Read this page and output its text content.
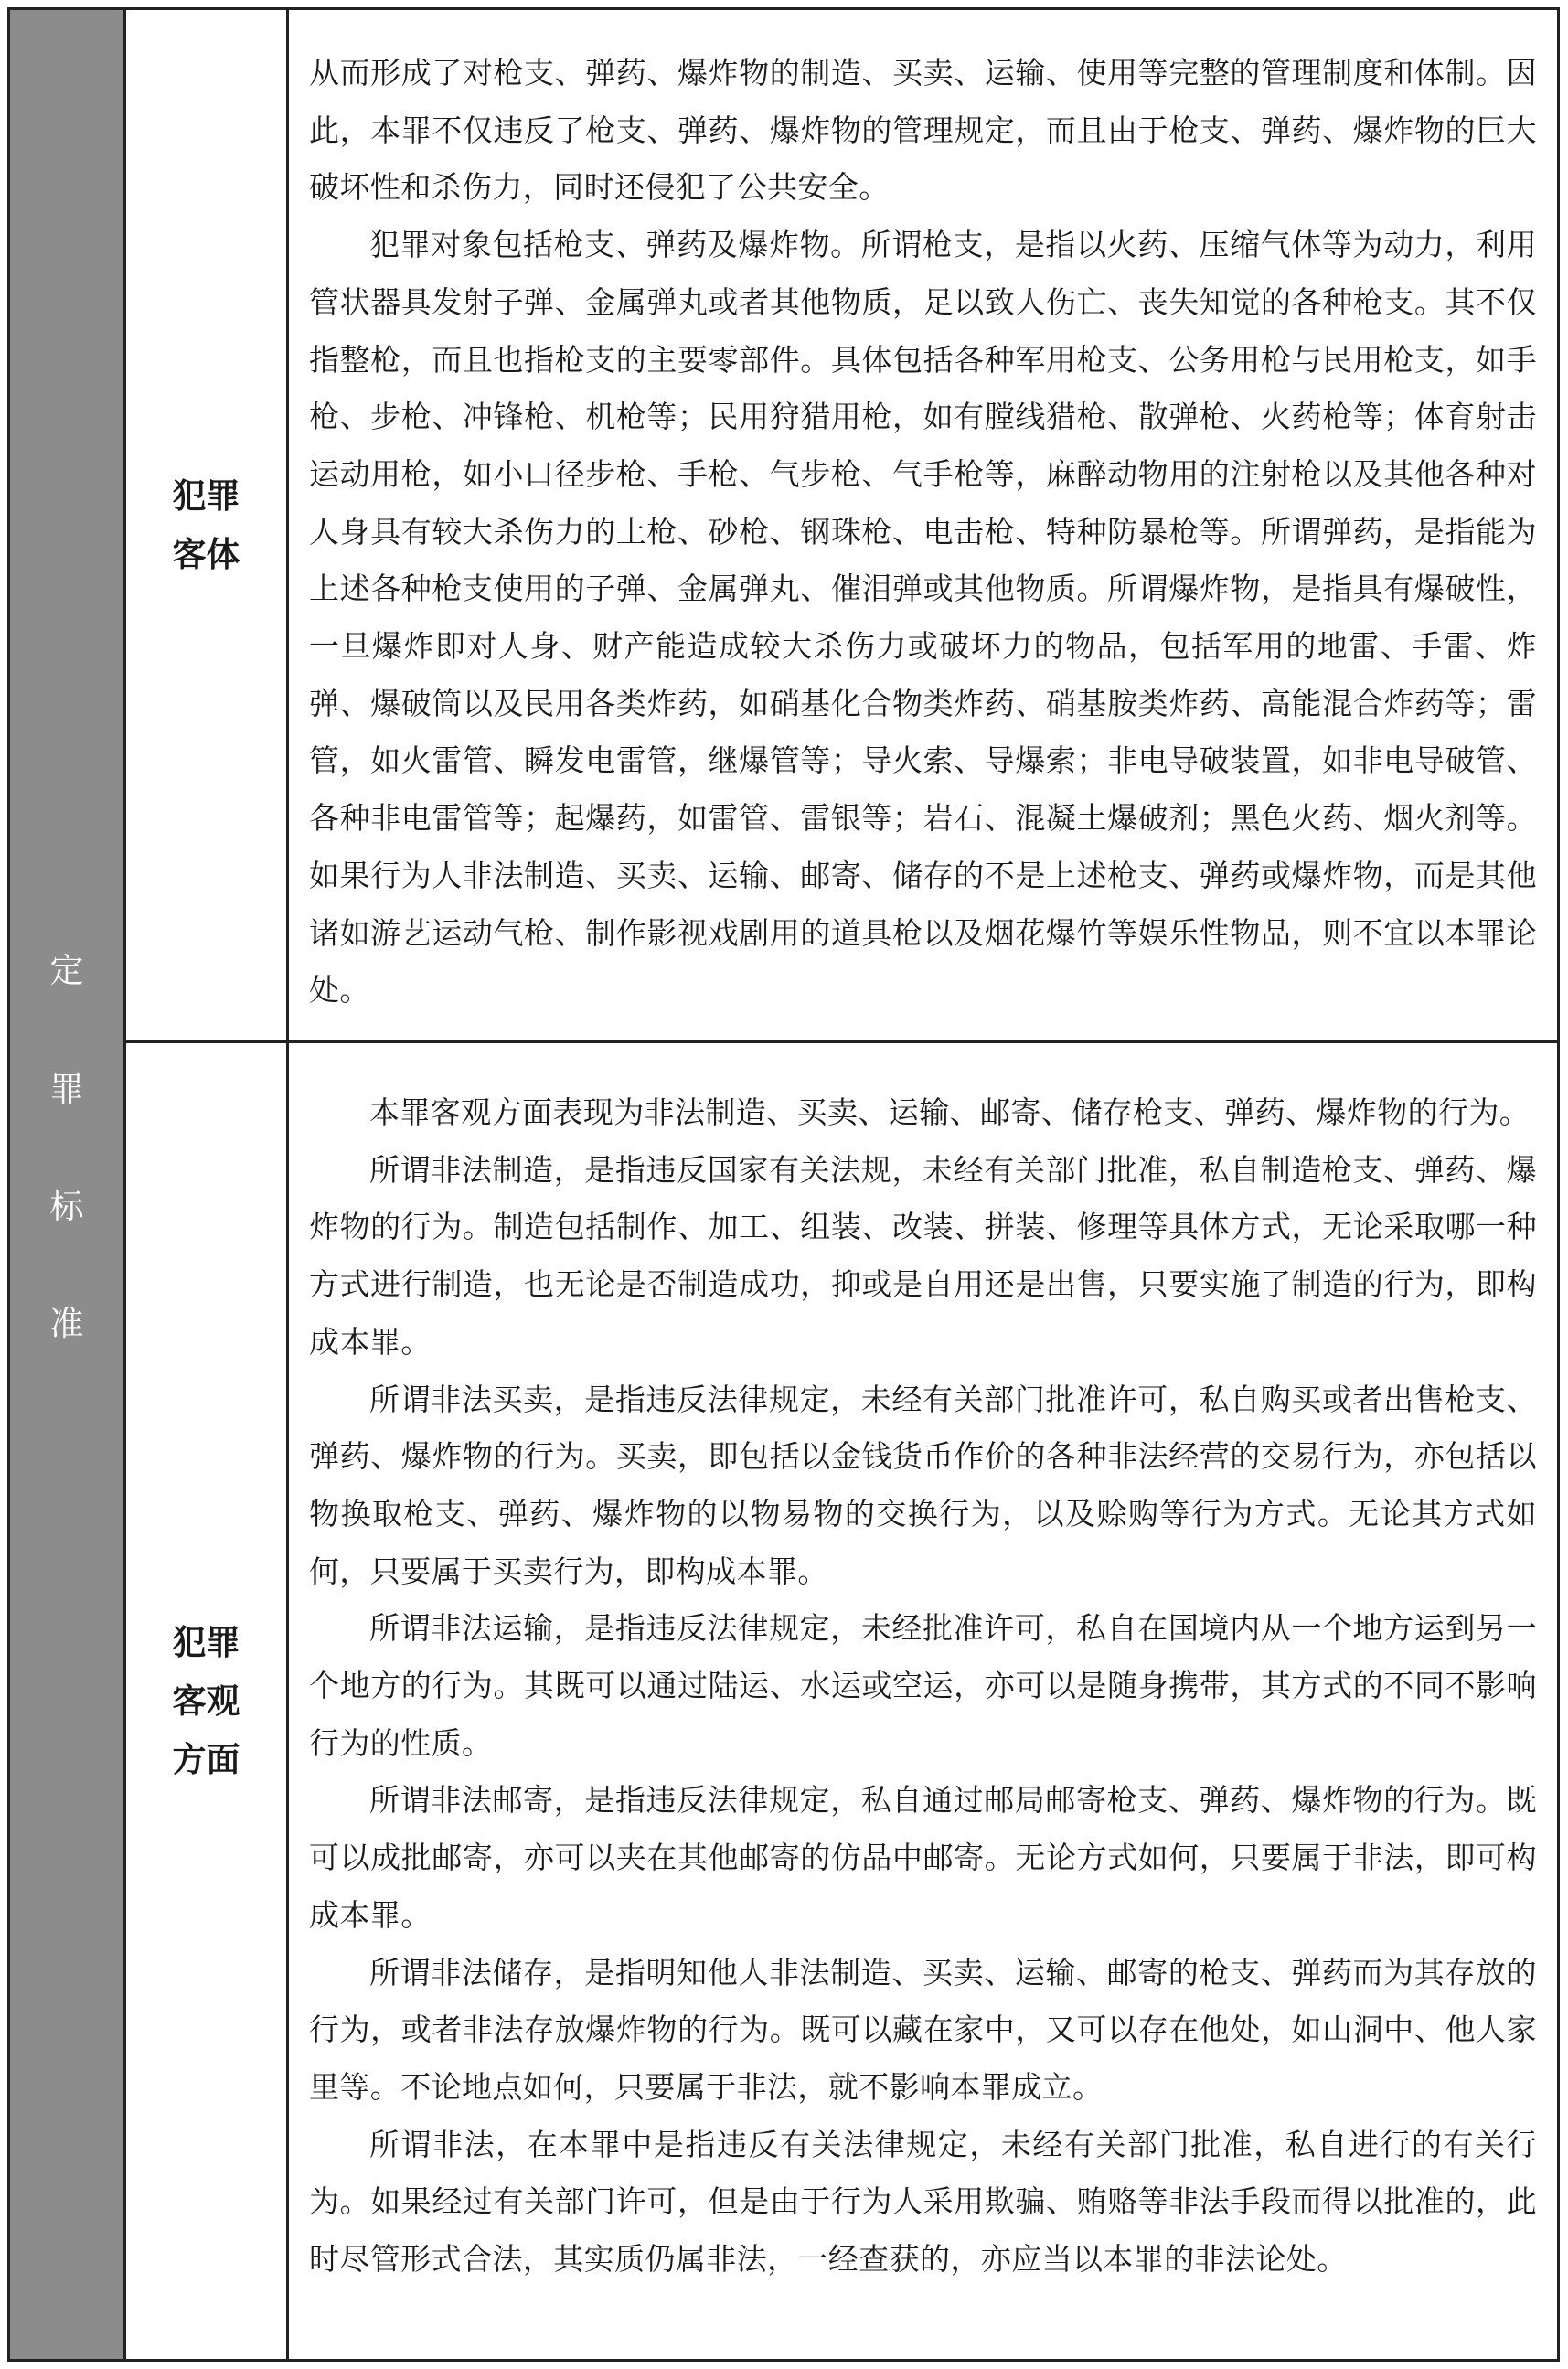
定
罪
标
准
犯罪客体

从而形成了对枪支、弹药、爆炸物的制造、买卖、运输、使用等完整的管理制度和体制。因此，本罪不仅违反了枪支、弹药、爆炸物的管理规定，而且由于枪支、弹药、爆炸物的巨大破坏性和杀伤力，同时还侵犯了公共安全。

犯罪对象包括枪支、弹药及爆炸物。所谓枪支，是指以火药、压缩气体等为动力，利用管状器具发射子弹、金属弹丸或者其他物质，足以致人伤亡、丧失知觉的各种枪支。其不仅指整枪，而且也指枪支的主要零部件。具体包括各种军用枪支、公务用枪与民用枪支，如手枪、步枪、冲锋枪、机枪等；民用狩猎用枪，如有膛线猎枪、散弹枪、火药枪等；体育射击运动用枪，如小口径步枪、手枪、气步枪、气手枪等，麻醉动物用的注射枪以及其他各种对人身具有较大杀伤力的土枪、砂枪、钢珠枪、电击枪、特种防暴枪等。所谓弹药，是指能为上述各种枪支使用的子弹、金属弹丸、催泪弹或其他物质。所谓爆炸物，是指具有爆破性，一旦爆炸即对人身、财产能造成较大杀伤力或破坏力的物品，包括军用的地雷、手雷、炸弹、爆破筒以及民用各类炸药，如硝基化合物类炸药、硝基胺类炸药、高能混合炸药等；雷管，如火雷管、瞬发电雷管，继爆管等；导火索、导爆索；非电导破装置，如非电导破管、各种非电雷管等；起爆药，如雷管、雷银等；岩石、混凝土爆破剂；黑色火药、烟火剂等。如果行为人非法制造、买卖、运输、邮寄、储存的不是上述枪支、弹药或爆炸物，而是其他诸如游艺运动气枪、制作影视戏剧用的道具枪以及烟花爆竹等娱乐性物品，则不宜以本罪论处。

犯罪客观方面

本罪客观方面表现为非法制造、买卖、运输、邮寄、储存枪支、弹药、爆炸物的行为。

所谓非法制造，是指违反国家有关法规，未经有关部门批准，私自制造枪支、弹药、爆炸物的行为。制造包括制作、加工、组装、改装、拼装、修理等具体方式，无论采取哪一种方式进行制造，也无论是否制造成功，抑或是自用还是出售，只要实施了制造的行为，即构成本罪。

所谓非法买卖，是指违反法律规定，未经有关部门批准许可，私自购买或者出售枪支、弹药、爆炸物的行为。买卖，即包括以金钱货币作价的各种非法经营的交易行为，亦包括以物换取枪支、弹药、爆炸物的以物易物的交换行为，以及赊购等行为方式。无论其方式如何，只要属于买卖行为，即构成本罪。

所谓非法运输，是指违反法律规定，未经批准许可，私自在国境内从一个地方运到另一个地方的行为。其既可以通过陆运、水运或空运，亦可以是随身携带，其方式的不同不影响行为的性质。

所谓非法邮寄，是指违反法律规定，私自通过邮局邮寄枪支、弹药、爆炸物的行为。既可以成批邮寄，亦可以夹在其他邮寄的仿品中邮寄。无论方式如何，只要属于非法，即可构成本罪。

所谓非法储存，是指明知他人非法制造、买卖、运输、邮寄的枪支、弹药而为其存放的行为，或者非法存放爆炸物的行为。既可以藏在家中，又可以存在他处，如山洞中、他人家里等。不论地点如何，只要属于非法，就不影响本罪成立。

所谓非法，在本罪中是指违反有关法律规定，未经有关部门批准，私自进行的有关行为。如果经过有关部门许可，但是由于行为人采用欺骗、贿赂等非法手段而得以批准的，此时尽管形式合法，其实质仍属非法，一经查获的，亦应当以本罪的非法论处。
